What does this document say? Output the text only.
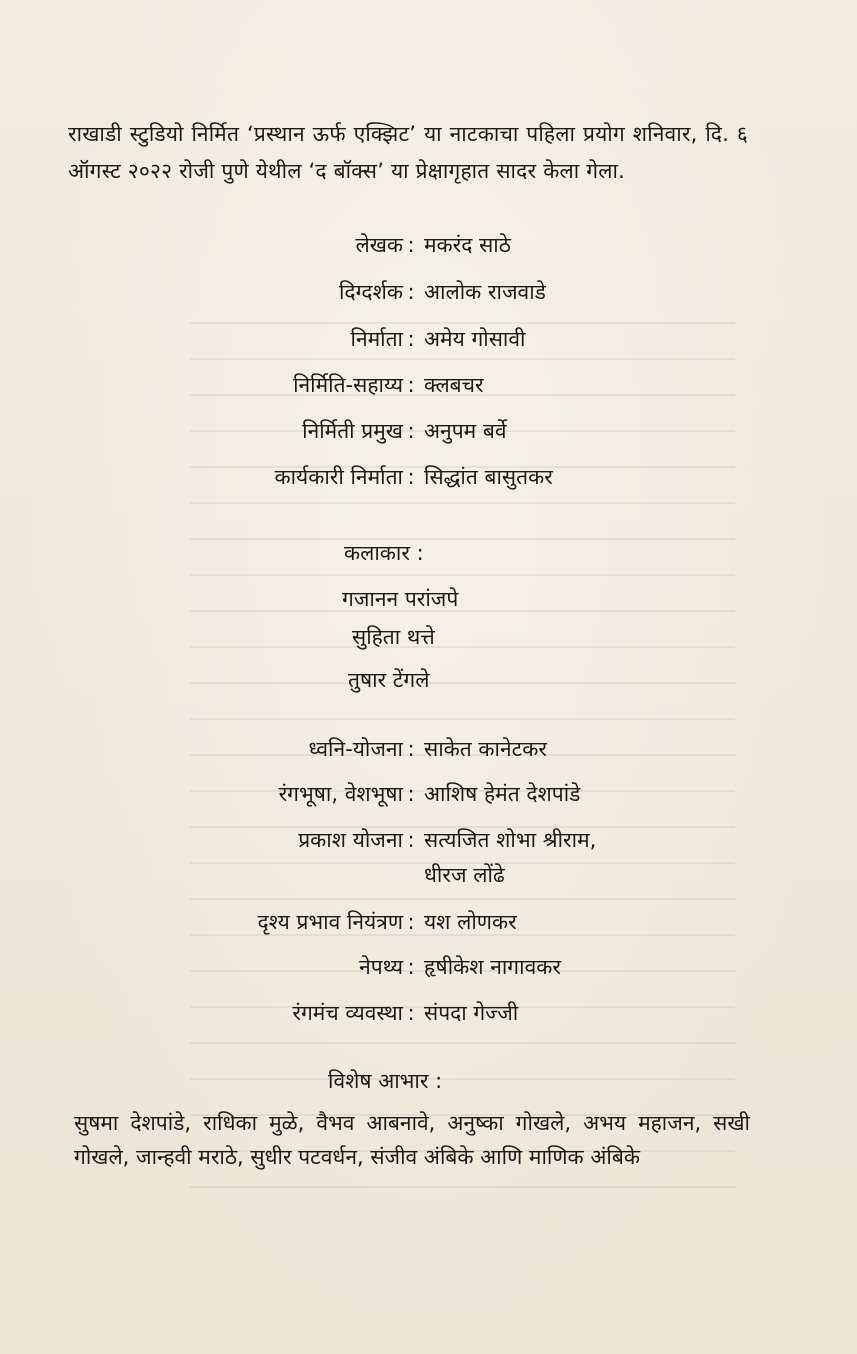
राखाडी स्टुडियो निर्मित ‘प्रस्थान ऊर्फ एक्झिट’ या नाटकाचा पहिला प्रयोग शनिवार, दि. ६ ऑगस्ट २०२२ रोजी पुणे येथील ‘द बॉक्स’ या प्रेक्षागृहात सादर केला गेला.

लेखक : मकरंद साठे
दिग्दर्शक : आलोक राजवाडे
निर्माता : अमेय गोसावी
निर्मिति-सहाय्य : क्लबचर
निर्मिती प्रमुख : अनुपम बर्वे
कार्यकारी निर्माता : सिद्धांत बासुतकर
कलाकार :
गजानन परांजपे
सुहिता थत्ते
तुषार टेंगले
ध्वनि-योजना : साकेत कानेटकर
रंगभूषा, वेशभूषा : आशिष हेमंत देशपांडे
प्रकाश योजना : सत्यजित शोभा श्रीराम,
धीरज लोंढे
दृश्य प्रभाव नियंत्रण : यश लोणकर
नेपथ्य : हृषीकेश नागावकर
रंगमंच व्यवस्था : संपदा गेज्जी
विशेष आभार :

सुषमा देशपांडे, राधिका मुळे, वैभव आबनावे, अनुष्का गोखले, अभय महाजन, सखी गोखले, जान्हवी मराठे, सुधीर पटवर्धन, संजीव अंबिके आणि माणिक अंबिके
